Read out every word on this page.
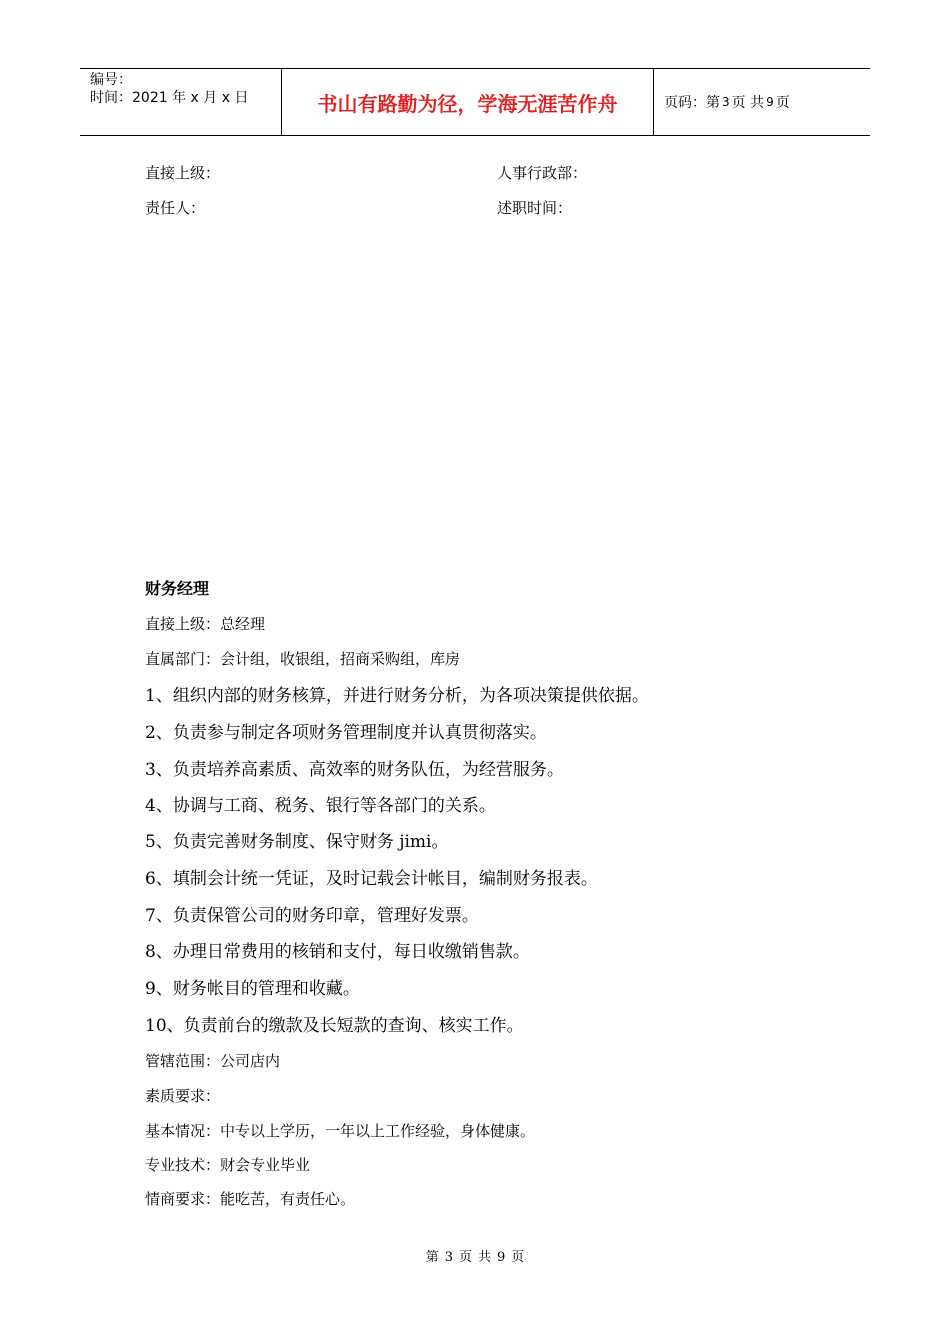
编号：
时间：2021 年 x 月 x 日	书山有路勤为径，学海无涯苦作舟	页码：第 3 页 共 9 页
直接上级：	人事行政部：
责任人：	述职时间：
财务经理
直接上级：总经理
直属部门：会计组，收银组，招商采购组，库房
1、组织内部的财务核算，并进行财务分析，为各项决策提供依据。
2、负责参与制定各项财务管理制度并认真贯彻落实。
3、负责培养高素质、高效率的财务队伍，为经营服务。
4、协调与工商、税务、银行等各部门的关系。
5、负责完善财务制度、保守财务 jimi。
6、填制会计统一凭证，及时记载会计帐目，编制财务报表。
7、负责保管公司的财务印章，管理好发票。
8、办理日常费用的核销和支付，每日收缴销售款。
9、财务帐目的管理和收藏。
10、负责前台的缴款及长短款的查询、核实工作。
管辖范围：公司店内
素质要求：
基本情况：中专以上学历，一年以上工作经验，身体健康。
专业技术：财会专业毕业
情商要求：能吃苦，有责任心。
第 3 页 共 9 页
